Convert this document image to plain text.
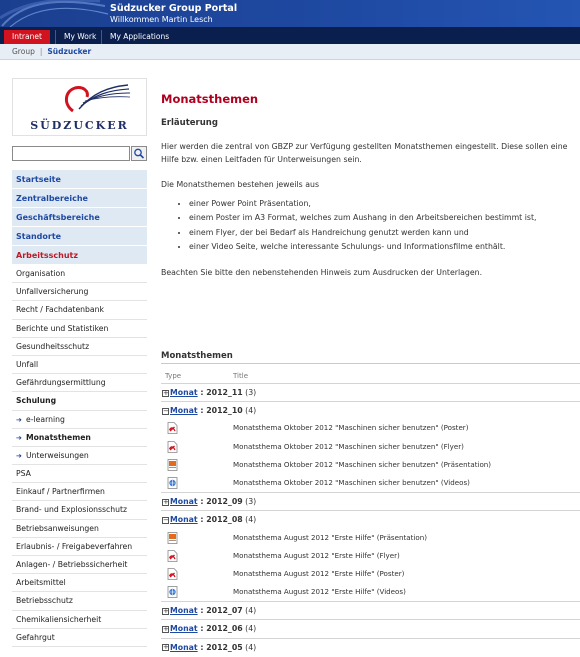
Südzucker Group Portal
Willkommen Martin Lesch
Intranet	My Work	My Applications
Group | Südzucker
SÜDZUCKER
Startseite
Zentralbereiche
Geschäftsbereiche
Standorte
Arbeitsschutz
Organisation
Unfallversicherung
Recht / Fachdatenbank
Berichte und Statistiken
Gesundheitsschutz
Unfall
Gefährdungsermittlung
Schulung
➔ e-learning
➔ Monatsthemen
➔ Unterweisungen
PSA
Einkauf / Partnerfirmen
Brand- und Explosionsschutz
Betriebsanweisungen
Erlaubnis- / Freigabeverfahren
Anlagen- / Betriebssicherheit
Arbeitsmittel
Betriebsschutz
Chemikaliensicherheit
Gefahrgut
Monatsthemen
Erläuterung
Hier werden die zentral von GBZP zur Verfügung gestellten Monatsthemen eingestellt. Diese sollen eine Hilfe bzw. einen Leitfaden für Unterweisungen sein.
Die Monatsthemen bestehen jeweils aus
• einer Power Point Präsentation,
• einem Poster im A3 Format, welches zum Aushang in den Arbeitsbereichen bestimmt ist,
• einem Flyer, der bei Bedarf als Handreichung genutzt werden kann und
• einer Video Seite, welche interessante Schulungs- und Informationsfilme enthält.
Beachten Sie bitte den nebenstehenden Hinweis zum Ausdrucken der Unterlagen.
Monatsthemen
Type	Title
+Monat : 2012_11 (3)
−Monat : 2012_10 (4)
Monatsthema Oktober 2012 "Maschinen sicher benutzen" (Poster)
Monatsthema Oktober 2012 "Maschinen sicher benutzen" (Flyer)
Monatsthema Oktober 2012 "Maschinen sicher benutzen" (Präsentation)
Monatsthema Oktober 2012 "Maschinen sicher benutzen" (Videos)
+Monat : 2012_09 (3)
−Monat : 2012_08 (4)
Monatsthema August 2012 "Erste Hilfe" (Präsentation)
Monatsthema August 2012 "Erste Hilfe" (Flyer)
Monatsthema August 2012 "Erste Hilfe" (Poster)
Monatsthema August 2012 "Erste Hilfe" (Videos)
+Monat : 2012_07 (4)
+Monat : 2012_06 (4)
+Monat : 2012_05 (4)
